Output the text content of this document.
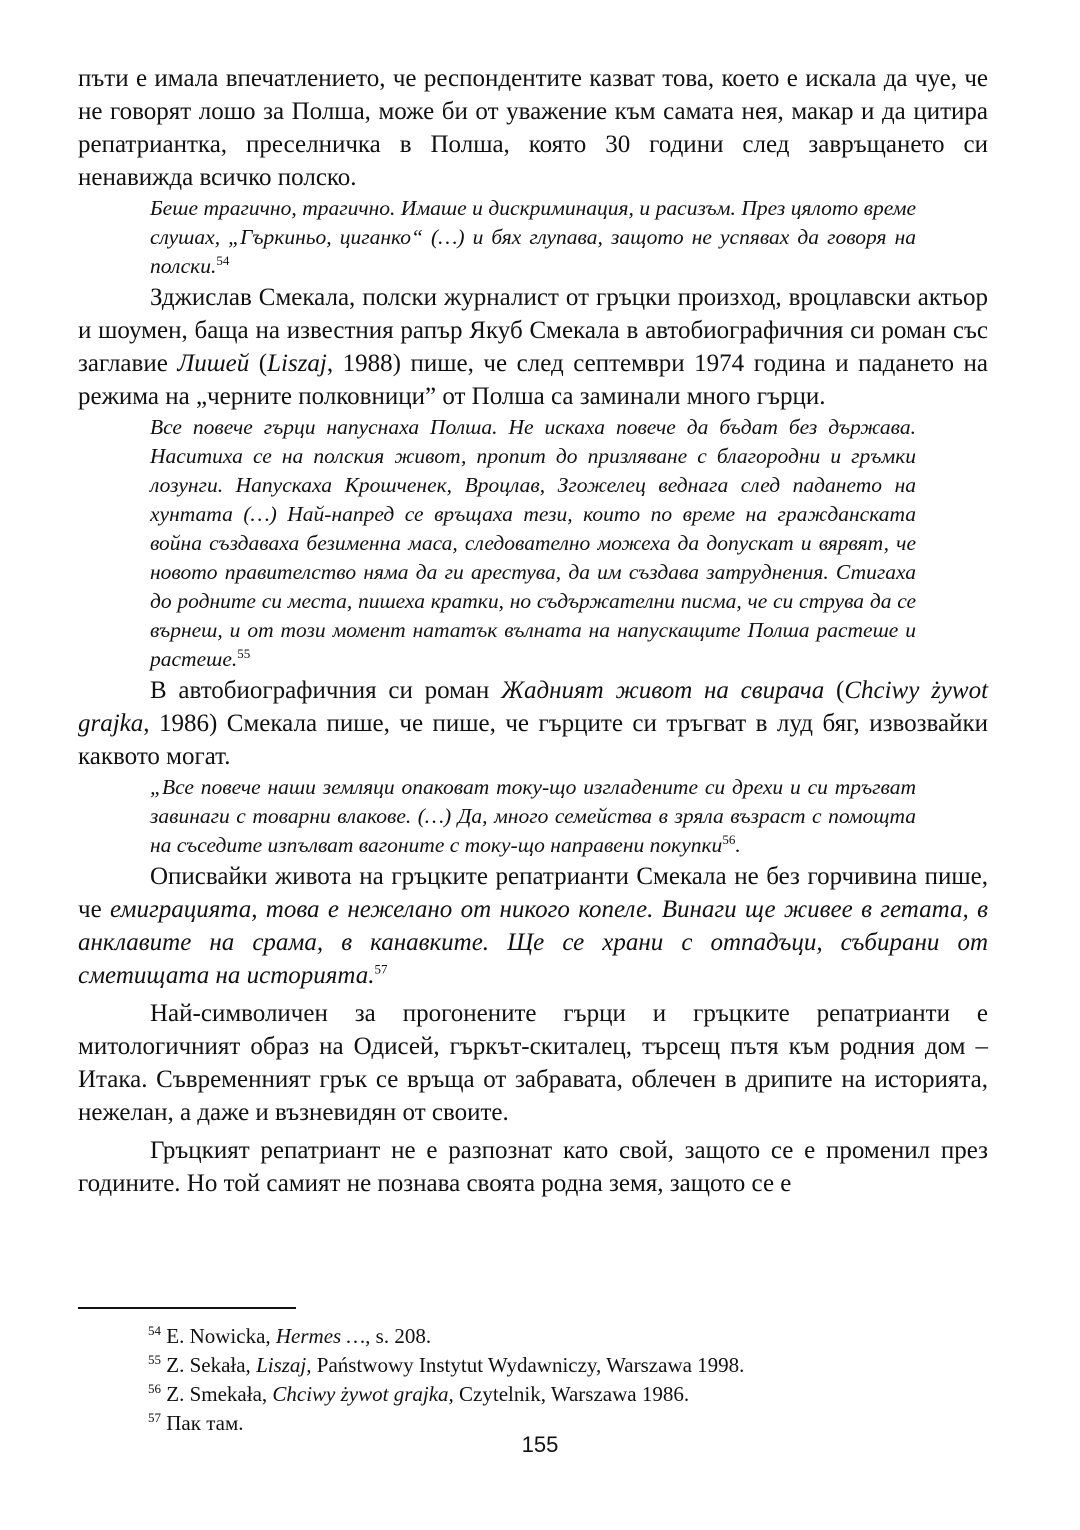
пъти е имала впечатлението, че респондентите казват това, което е искала да чуе, че не говорят лошо за Полша, може би от уважение към самата нея, макар и да цитира репатриантка, преселничка в Полша, която 30 години след завръщането си ненавижда всичко полско.

Беше трагично, трагично. Имаше и дискриминация, и расизъм. През цялото време слушах, „Гъркиньо, циганко“ (…) и бях глупава, защото не успявах да говоря на полски.$^{54}$

Зджислав Смекала, полски журналист от гръцки произход, вроцлавски актьор и шоумен, баща на известния рапър Якуб Смекала в автобиографичния си роман със заглавие Лишей (Liszaj, 1988) пише, че след септември 1974 година и падането на режима на „черните полковници” от Полша са заминали много гърци.

Все повече гърци напуснаха Полша. Не искаха повече да бъдат без държава. Наситиха се на полския живот, пропит до призляване с благородни и гръмки лозунги. Напускаха Крошченек, Вроцлав, Згожелец веднага след падането на хунтата (…) Най-напред се връщаха тези, които по време на гражданската война създаваха безименна маса, следователно можеха да допускат и вярвят, че новото правителство няма да ги арестува, да им създава затруднения. Стигаха до родните си места, пишеха кратки, но съдържателни писма, че си струва да се върнеш, и от този момент нататък вълната на напускащите Полша растеше и растеше.$^{55}$

В автобиографичния си роман Жадният живот на свирача (Chciwy żywot grajka, 1986) Смекала пише, че пише, че гърците си тръгват в луд бяг, извозвайки каквото могат.

„Все повече наши земляци опаковат току-що изгладените си дрехи и си тръгват завинаги с товарни влакове. (…) Да, много семейства в зряла възраст с помощта на съседите изпълват вагоните с току-що направени покупки$^{56}$.

Описвайки живота на гръцките репатрианти Смекала не без горчивина пише, че емиграцията, това е нежелано от никого копеле. Винаги ще живее в гетата, в анклавите на срама, в канавките. Ще се храни с отпадъци, събирани от сметищата на историята.$^{57}$

Най-символичен за прогонените гърци и гръцките репатрианти е митологичният образ на Одисей, гъркът-скиталец, търсещ пътя към родния дом – Итака. Съвременният грък се връща от забравата, облечен в дрипите на историята, нежелан, а даже и възневидян от своите.

Гръцкият репатриант не е разпознат като свой, защото се е променил през годините. Но той самият не познава своята родна земя, защото се е

$^{54}$ E. Nowicka, Hermes …, s. 208.
$^{55}$ Z. Sekała, Liszaj, Państwowy Instytut Wydawniczy, Warszawa 1998.
$^{56}$ Z. Smekała, Chciwy żywot grajka, Czytelnik, Warszawa 1986.
$^{57}$ Пак там.
155
